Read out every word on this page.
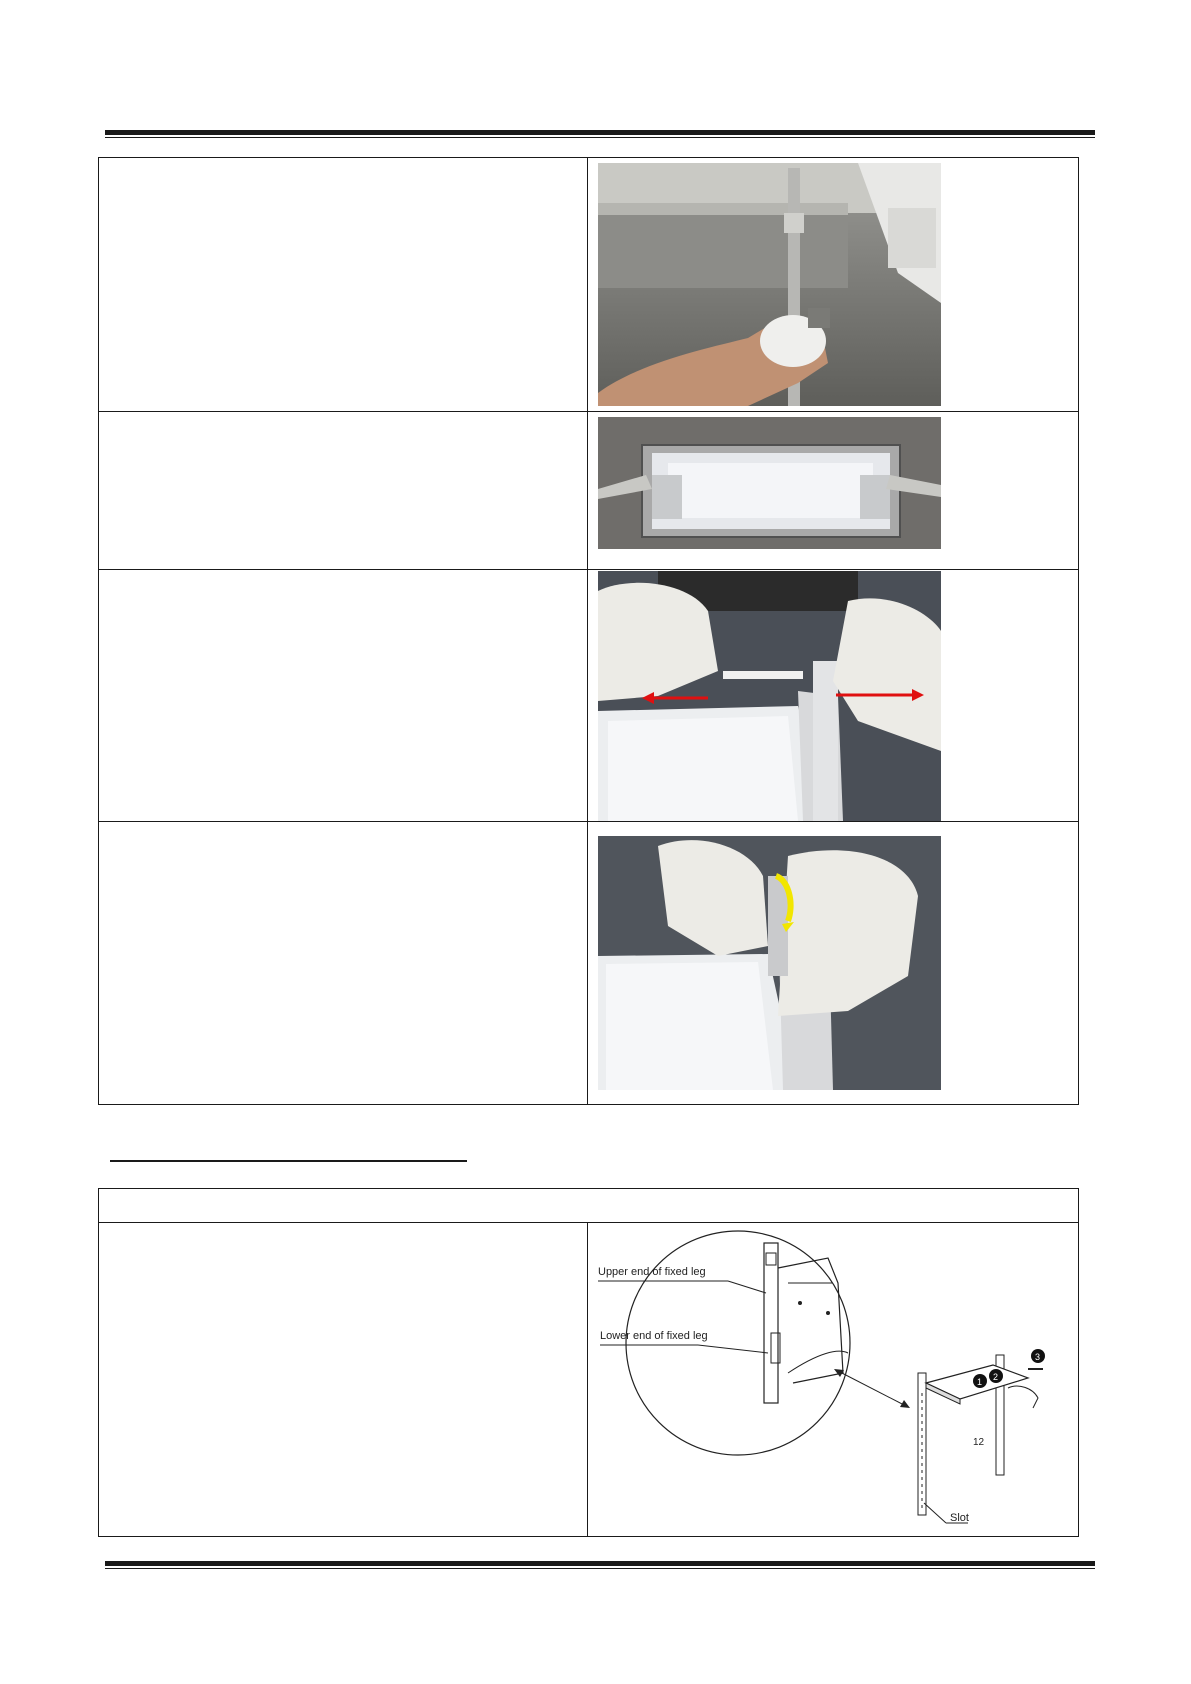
Upper end of fixed leg
Lower end of fixed leg
1 2
3
12
Slot
